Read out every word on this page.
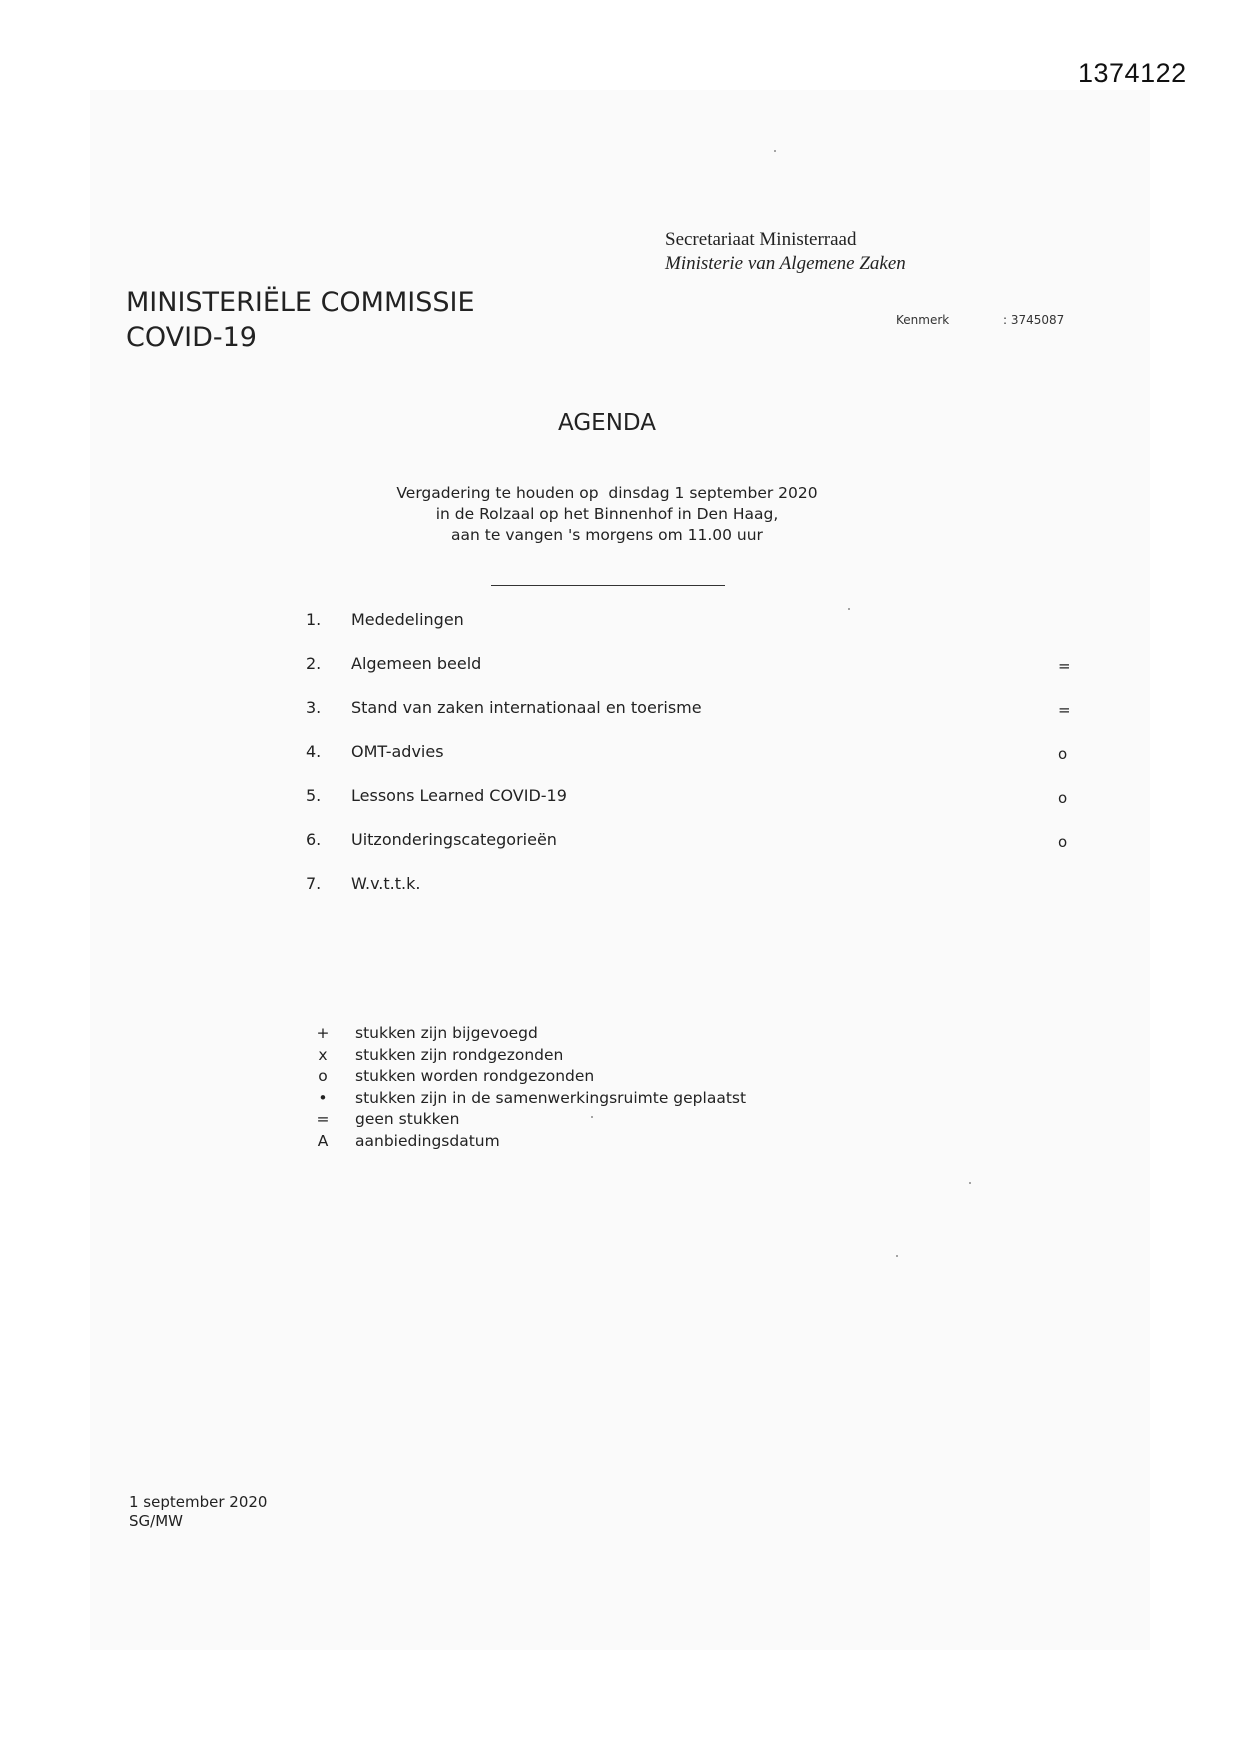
1374122
Secretariaat Ministerraad
Ministerie van Algemene Zaken
MINISTERIËLE COMMISSIE
COVID-19
Kenmerk	: 3745087
AGENDA
Vergadering te houden op  dinsdag 1 september 2020
in de Rolzaal op het Binnenhof in Den Haag,
aan te vangen 's morgens om 11.00 uur
1. Mededelingen
2. Algemeen beeld	=
3. Stand van zaken internationaal en toerisme	=
4. OMT-advies	o
5. Lessons Learned COVID-19	o
6. Uitzonderingscategorieën	o
7. W.v.t.t.k.
+ stukken zijn bijgevoegd
x stukken zijn rondgezonden
o stukken worden rondgezonden
• stukken zijn in de samenwerkingsruimte geplaatst
= geen stukken
A aanbiedingsdatum
1 september 2020
SG/MW
